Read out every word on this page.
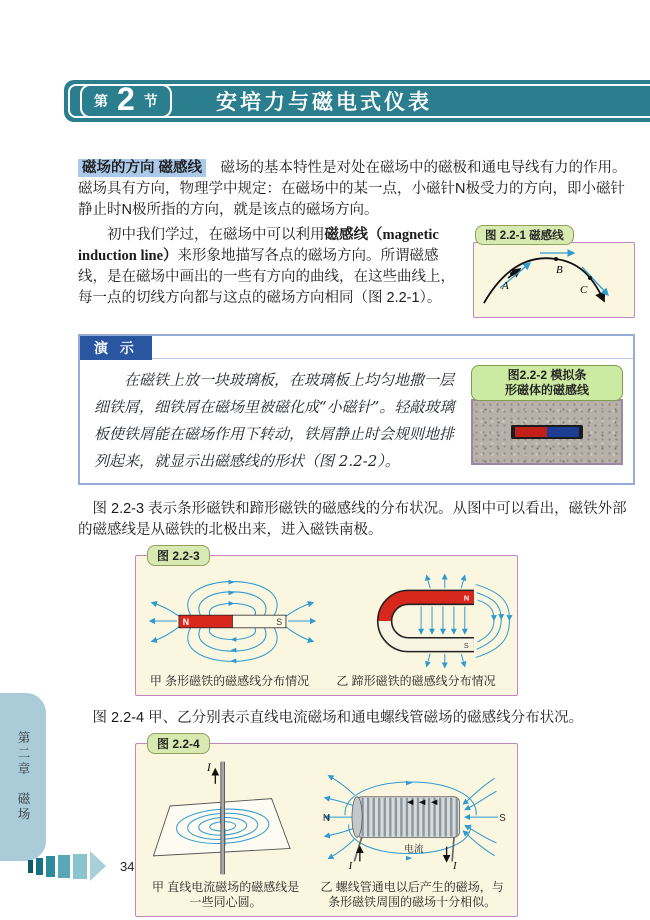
第 2 节	安培力与磁电式仪表

磁场的方向 磁感线　 磁场的基本特性是对处在磁场中的磁极和通电导线有力的作用。磁场具有方向，物理学中规定：在磁场中的某一点，小磁针N极受力的方向，即小磁针静止时N极所指的方向，就是该点的磁场方向。

图 2.2-1 磁感线
A
B
C

初中我们学过，在磁场中可以利用磁感线（magnetic induction line）来形象地描写各点的磁场方向。所谓磁感线，是在磁场中画出的一些有方向的曲线，在这些曲线上，每一点的切线方向都与这点的磁场方向相同（图 2.2-1）。

演 示
在磁铁上放一块玻璃板，在玻璃板上均匀地撒一层细铁屑，细铁屑在磁场里被磁化成“小磁针”。轻敲玻璃板使铁屑能在磁场作用下转动，铁屑静止时会规则地排列起来，就显示出磁感线的形状（图 2.2-2）。
图2.2-2 模拟条
形磁体的磁感线

图 2.2-3 表示条形磁铁和蹄形磁铁的磁感线的分布状况。从图中可以看出，磁铁外部的磁感线是从磁铁的北极出来，进入磁铁南极。

图 2.2-3
N	S
N
S
甲 条形磁铁的磁感线分布情况	乙 蹄形磁铁的磁感线分布情况

图 2.2-4 甲、乙分别表示直线电流磁场和通电螺线管磁场的磁感线分布状况。

图 2.2-4
I
I	I
电流
N	S
甲 直线电流磁场的磁感线是一些同心圆。
乙 螺线管通电以后产生的磁场，与条形磁铁周围的磁场十分相似。
第二章
磁场
34
